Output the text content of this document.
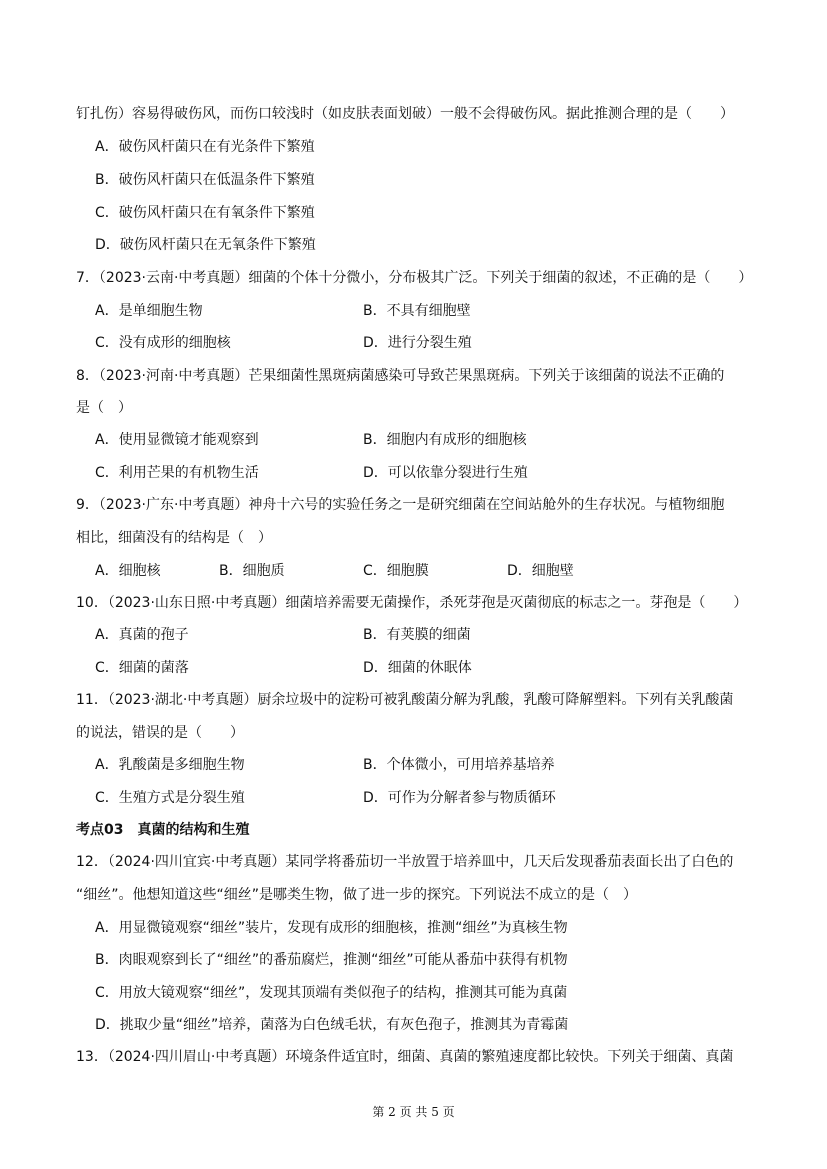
钉扎伤）容易得破伤风，而伤口较浅时（如皮肤表面划破）一般不会得破伤风。据此推测合理的是（　　）
A．破伤风杆菌只在有光条件下繁殖
B．破伤风杆菌只在低温条件下繁殖
C．破伤风杆菌只在有氧条件下繁殖
D．破伤风杆菌只在无氧条件下繁殖
7．（2023·云南·中考真题）细菌的个体十分微小，分布极其广泛。下列关于细菌的叙述，不正确的是（　　）
A．是单细胞生物	B．不具有细胞壁
C．没有成形的细胞核	D．进行分裂生殖
8．（2023·河南·中考真题）芒果细菌性黑斑病菌感染可导致芒果黑斑病。下列关于该细菌的说法不正确的
是（　）
A．使用显微镜才能观察到	B．细胞内有成形的细胞核
C．利用芒果的有机物生活	D．可以依靠分裂进行生殖
9．（2023·广东·中考真题）神舟十六号的实验任务之一是研究细菌在空间站舱外的生存状况。与植物细胞
相比，细菌没有的结构是（　）
A．细胞核	B．细胞质	C．细胞膜	D．细胞壁
10．（2023·山东日照·中考真题）细菌培养需要无菌操作，杀死芽孢是灭菌彻底的标志之一。芽孢是（　　）
A．真菌的孢子	B．有荚膜的细菌
C．细菌的菌落	D．细菌的休眠体
11．（2023·湖北·中考真题）厨余垃圾中的淀粉可被乳酸菌分解为乳酸，乳酸可降解塑料。下列有关乳酸菌
的说法，错误的是（　　）
A．乳酸菌是多细胞生物	B．个体微小，可用培养基培养
C．生殖方式是分裂生殖	D．可作为分解者参与物质循环
考点03　真菌的结构和生殖
12．（2024·四川宜宾·中考真题）某同学将番茄切一半放置于培养皿中，几天后发现番茄表面长出了白色的
“细丝”。他想知道这些“细丝”是哪类生物，做了进一步的探究。下列说法不成立的是（　）
A．用显微镜观察“细丝”装片，发现有成形的细胞核，推测“细丝”为真核生物
B．肉眼观察到长了“细丝”的番茄腐烂，推测“细丝”可能从番茄中获得有机物
C．用放大镜观察“细丝”，发现其顶端有类似孢子的结构，推测其可能为真菌
D．挑取少量“细丝”培养，菌落为白色绒毛状，有灰色孢子，推测其为青霉菌
13．（2024·四川眉山·中考真题）环境条件适宜时，细菌、真菌的繁殖速度都比较快。下列关于细菌、真菌
第 2 页 共 5 页
